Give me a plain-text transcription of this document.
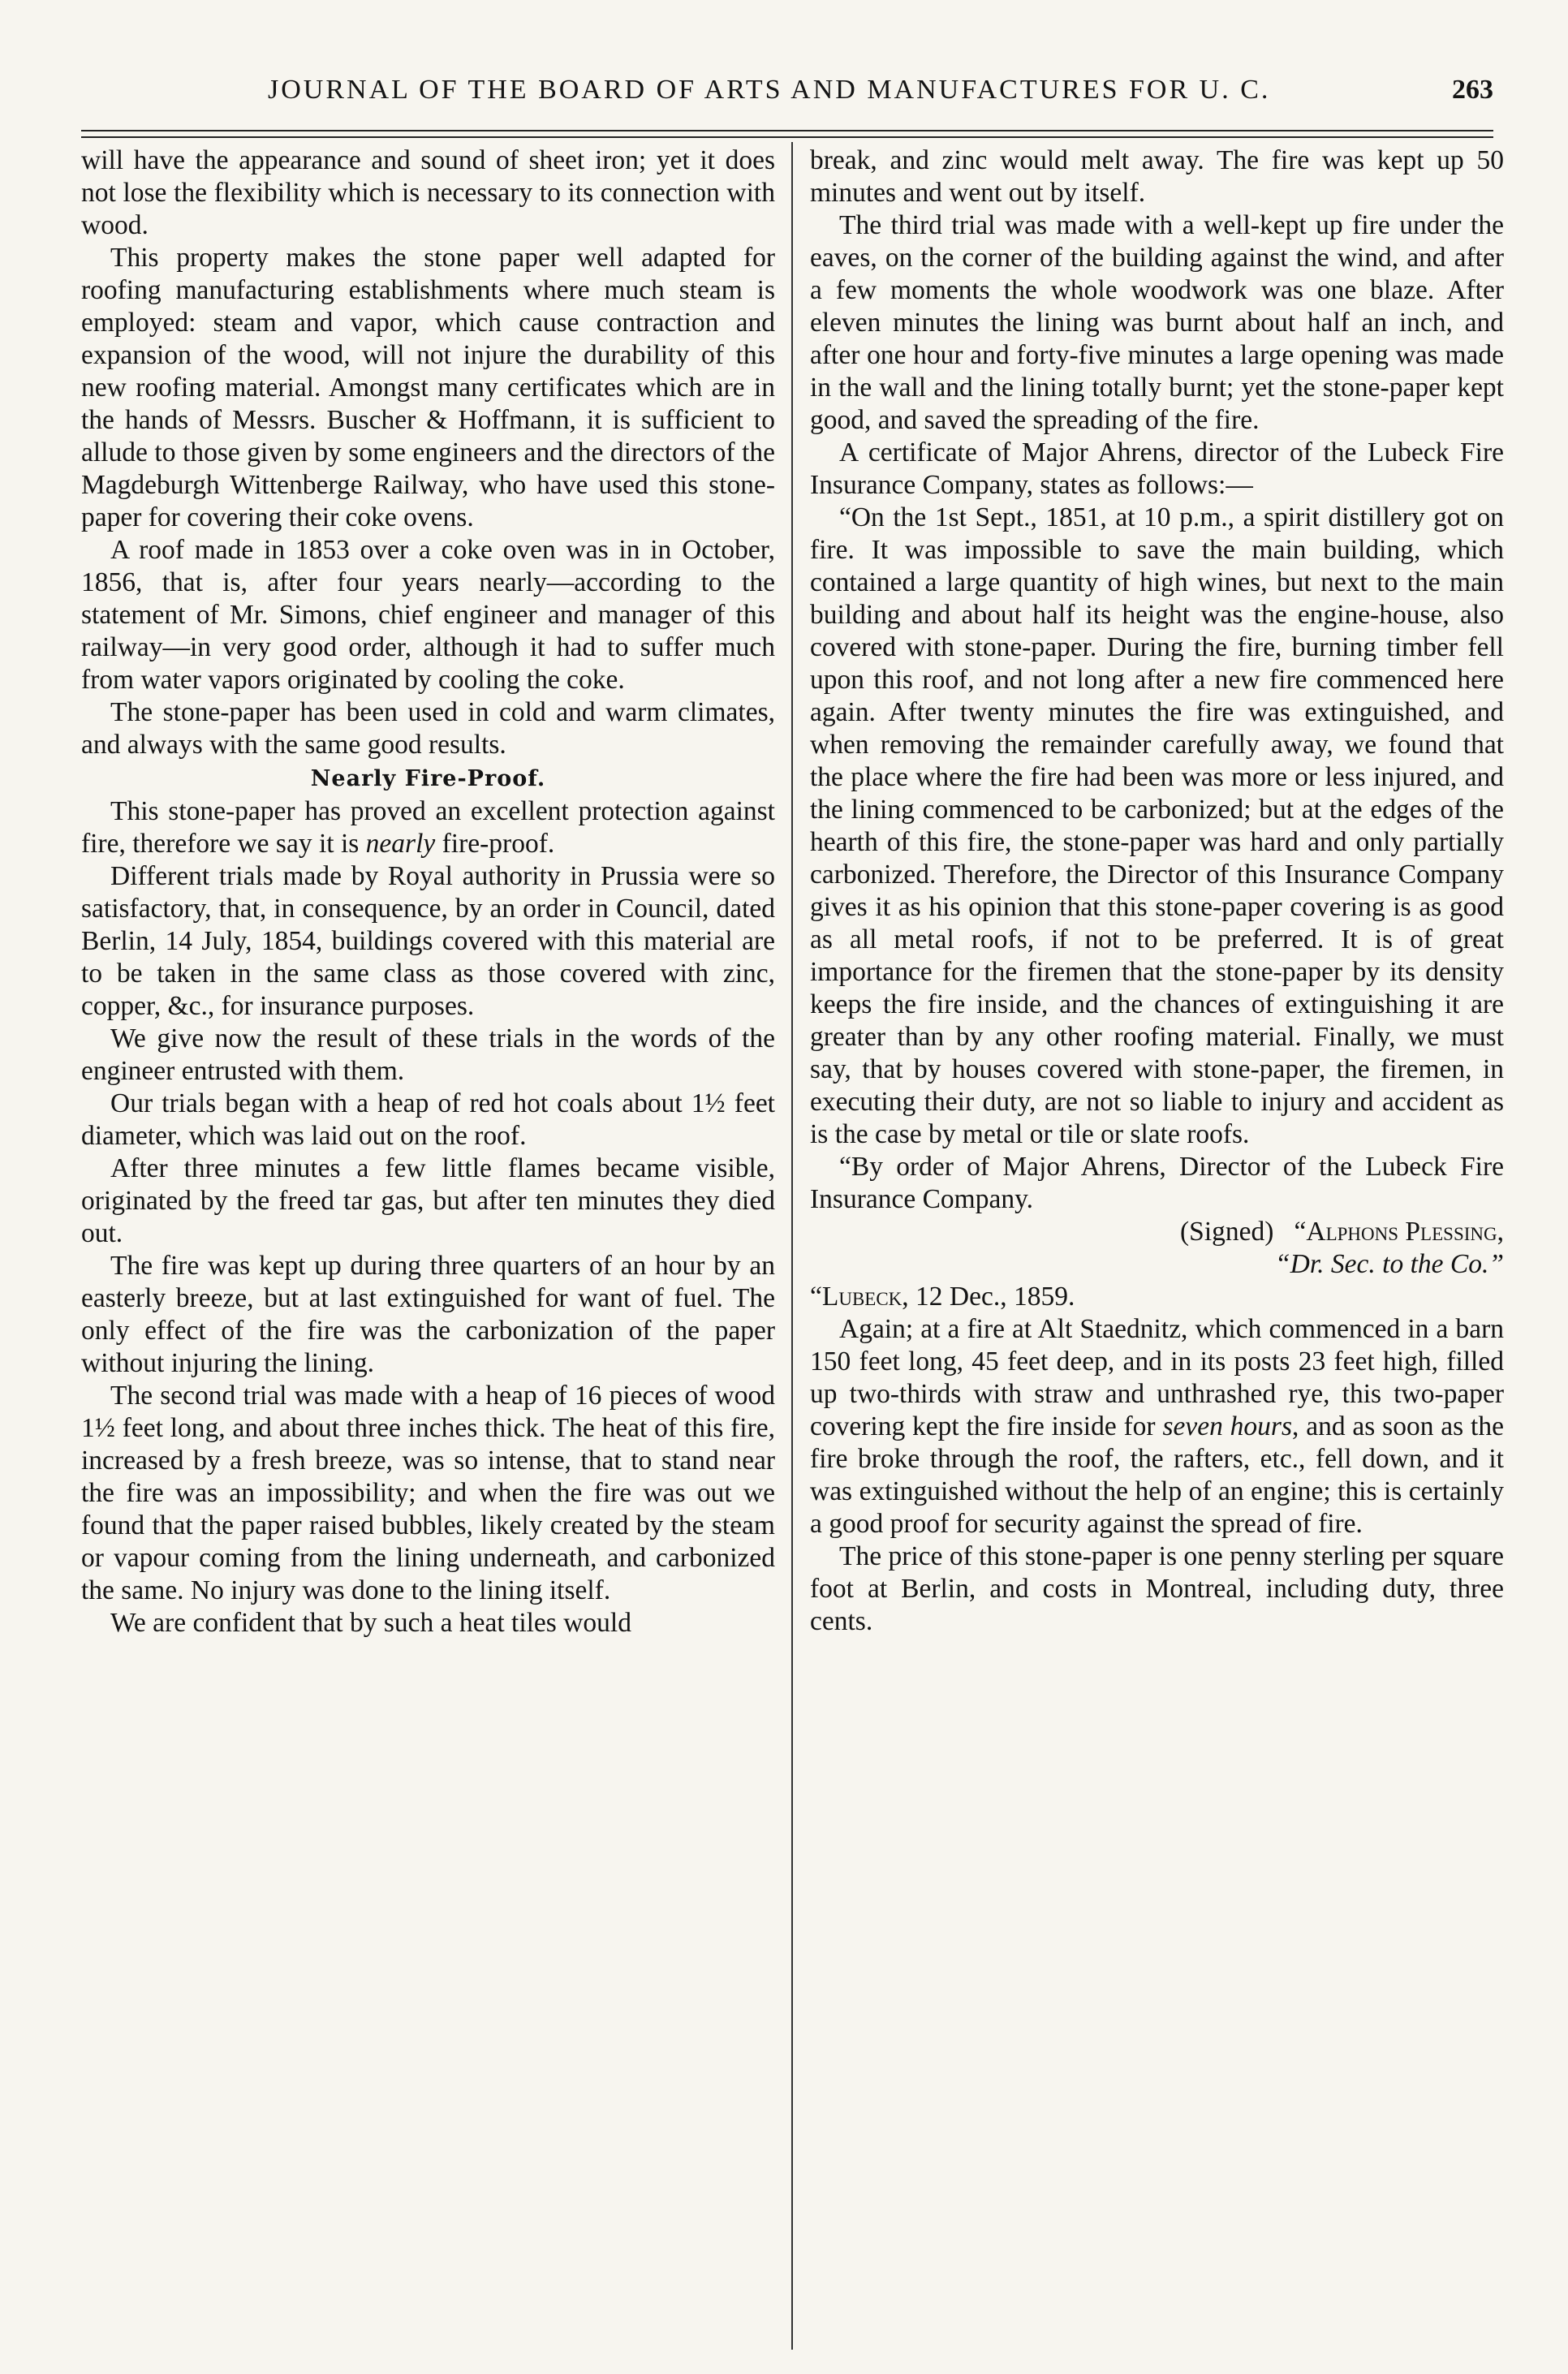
JOURNAL OF THE BOARD OF ARTS AND MANUFACTURES FOR U. C.	263

will have the appearance and sound of sheet iron; yet it does not lose the flexibility which is necessary to its connection with wood.

This property makes the stone paper well adapted for roofing manufacturing establishments where much steam is employed: steam and vapor, which cause contraction and expansion of the wood, will not injure the durability of this new roofing material. Amongst many certificates which are in the hands of Messrs. Buscher & Hoffmann, it is sufficient to allude to those given by some engineers and the directors of the Magdeburgh Wittenberge Railway, who have used this stone-paper for covering their coke ovens.

A roof made in 1853 over a coke oven was in in October, 1856, that is, after four years nearly—according to the statement of Mr. Simons, chief engineer and manager of this railway—in very good order, although it had to suffer much from water vapors originated by cooling the coke.

The stone-paper has been used in cold and warm climates, and always with the same good results.

Nearly Fire-Proof.

This stone-paper has proved an excellent protection against fire, therefore we say it is nearly fire-proof.

Different trials made by Royal authority in Prussia were so satisfactory, that, in consequence, by an order in Council, dated Berlin, 14 July, 1854, buildings covered with this material are to be taken in the same class as those covered with zinc, copper, &c., for insurance purposes.

We give now the result of these trials in the words of the engineer entrusted with them.

Our trials began with a heap of red hot coals about 1½ feet diameter, which was laid out on the roof.

After three minutes a few little flames became visible, originated by the freed tar gas, but after ten minutes they died out.

The fire was kept up during three quarters of an hour by an easterly breeze, but at last extinguished for want of fuel. The only effect of the fire was the carbonization of the paper without injuring the lining.

The second trial was made with a heap of 16 pieces of wood 1½ feet long, and about three inches thick. The heat of this fire, increased by a fresh breeze, was so intense, that to stand near the fire was an impossibility; and when the fire was out we found that the paper raised bubbles, likely created by the steam or vapour coming from the lining underneath, and carbonized the same. No injury was done to the lining itself.

We are confident that by such a heat tiles would

break, and zinc would melt away. The fire was kept up 50 minutes and went out by itself.

The third trial was made with a well-kept up fire under the eaves, on the corner of the building against the wind, and after a few moments the whole woodwork was one blaze. After eleven minutes the lining was burnt about half an inch, and after one hour and forty-five minutes a large opening was made in the wall and the lining totally burnt; yet the stone-paper kept good, and saved the spreading of the fire.

A certificate of Major Ahrens, director of the Lubeck Fire Insurance Company, states as follows:—

“On the 1st Sept., 1851, at 10 p.m., a spirit distillery got on fire. It was impossible to save the main building, which contained a large quantity of high wines, but next to the main building and about half its height was the engine-house, also covered with stone-paper. During the fire, burning timber fell upon this roof, and not long after a new fire commenced here again. After twenty minutes the fire was extinguished, and when removing the remainder carefully away, we found that the place where the fire had been was more or less injured, and the lining commenced to be carbonized; but at the edges of the hearth of this fire, the stone-paper was hard and only partially carbonized. Therefore, the Director of this Insurance Company gives it as his opinion that this stone-paper covering is as good as all metal roofs, if not to be preferred. It is of great importance for the firemen that the stone-paper by its density keeps the fire inside, and the chances of extinguishing it are greater than by any other roofing material. Finally, we must say, that by houses covered with stone-paper, the firemen, in executing their duty, are not so liable to injury and accident as is the case by metal or tile or slate roofs.

“By order of Major Ahrens, Director of the Lubeck Fire Insurance Company.

(Signed) “Alphons Plessing,

“Dr. Sec. to the Co.”

“Lubeck, 12 Dec., 1859.

Again; at a fire at Alt Staednitz, which commenced in a barn 150 feet long, 45 feet deep, and in its posts 23 feet high, filled up two-thirds with straw and unthrashed rye, this two-paper covering kept the fire inside for seven hours, and as soon as the fire broke through the roof, the rafters, etc., fell down, and it was extinguished without the help of an engine; this is certainly a good proof for security against the spread of fire.

The price of this stone-paper is one penny sterling per square foot at Berlin, and costs in Montreal, including duty, three cents.
